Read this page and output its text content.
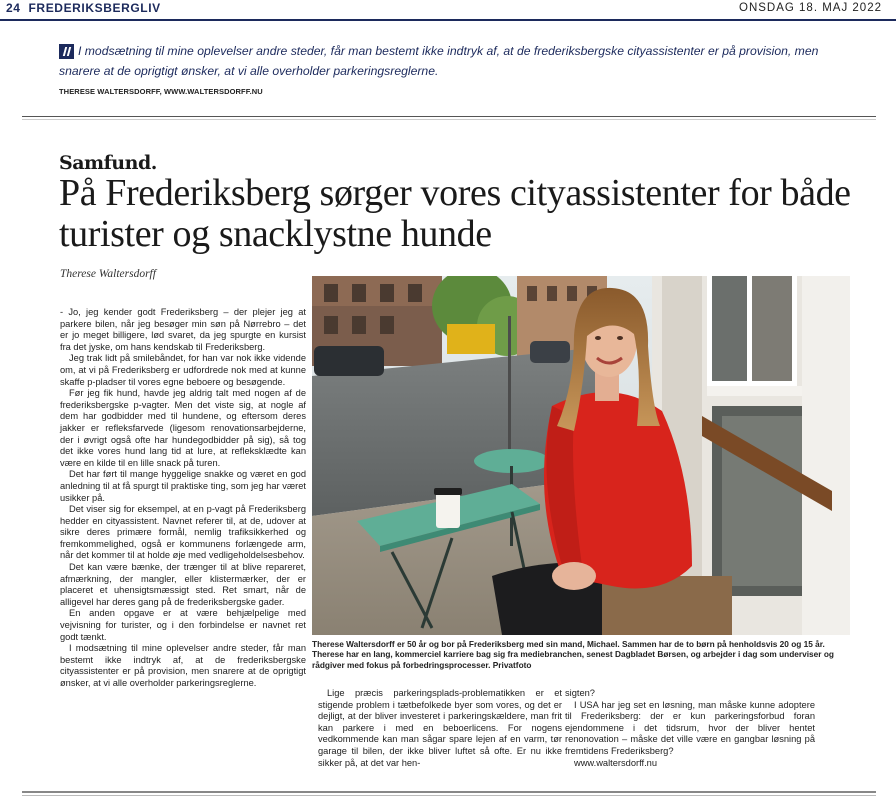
24 FREDERIKSBERGLIV	ONSDAG 18. MAJ 2022
I modsætning til mine oplevelser andre steder, får man bestemt ikke indtryk af, at de frederiksbergske cityassistenter er på provision, men snarere at de oprigtigt ønsker, at vi alle overholder parkeringsreglerne.
THERESE WALTERSDORFF, WWW.WALTERSDORFF.NU
Samfund.
På Frederiksberg sørger vores cityassistenter for både turister og snacklystne hunde
Therese Waltersdorff

- Jo, jeg kender godt Frederiksberg – der plejer jeg at parkere bilen, når jeg besøger min søn på Nørrebro – det er jo meget billigere, lød svaret, da jeg spurgte en kursist fra det jyske, om hans kendskab til Frederiksberg.

Jeg trak lidt på smilebåndet, for han var nok ikke vidende om, at vi på Frederiksberg er udfordrede nok med at kunne skaffe p-pladser til vores egne beboere og besøgende.

Før jeg fik hund, havde jeg aldrig talt med nogen af de frederiksbergske p-vagter. Men det viste sig, at nogle af dem har godbidder med til hundene, og eftersom deres jakker er refleksfarvede (ligesom renovationsarbejderne, der i øvrigt også ofte har hundegodbidder på sig), så tog det ikke vores hund lang tid at lure, at refleksklædte kan være en kilde til en lille snack på turen.

Det har ført til mange hyggelige snakke og været en god anledning til at få spurgt til praktiske ting, som jeg har været usikker på.

Det viser sig for eksempel, at en p-vagt på Frederiksberg hedder en cityassistent. Navnet referer til, at de, udover at sikre deres primære formål, nemlig trafiksikkerhed og fremkommelighed, også er kommunens forlængede arm, når det kommer til at holde øje med vedligeholdelsesbehov.

Det kan være bænke, der trænger til at blive repareret, afmærkning, der mangler, eller klistermærker, der er placeret et uhensigtsmæssigt sted. Ret smart, når de alligevel har deres gang på de frederiksbergske gader.

En anden opgave er at være behjælpelige med vejvisning for turister, og i den forbindelse er navnet ret godt tænkt.

I modsætning til mine oplevelser andre steder, får man bestemt ikke indtryk af, at de frederiksbergske cityassistenter er på provision, men snarere at de oprigtigt ønsker, at vi alle overholder parkeringsreglerne.

Therese Waltersdorff er 50 år og bor på Frederiksberg med sin mand, Michael. Sammen har de to børn på henholdsvis 20 og 15 år. Therese har en lang, kommerciel karriere bag sig fra mediebranchen, senest Dagbladet Børsen, og arbejder i dag som underviser og rådgiver med fokus på forbedringsprocesser. Privatfoto

Lige præcis parkeringsplads-problematikken er et stigende problem i tætbefolkede byer som vores, og det er dejligt, at der bliver investeret i parkeringskældere, man frit kan parkere i med en beboerlicens. For nogens vedkommende kan man sågar spare lejen af en varm, tør garage til bilen, der ikke bliver luftet så ofte. Er nu ikke sikker på, at det var hen-

sigten?

I USA har jeg set en løsning, man måske kunne adoptere til Frederiksberg: der er kun parkeringsforbud foran ejendommene i det tidsrum, hvor der bliver hentet renonovation – måske det ville være en gangbar løsning på fremtidens Frederiksberg?

www.waltersdorff.nu
